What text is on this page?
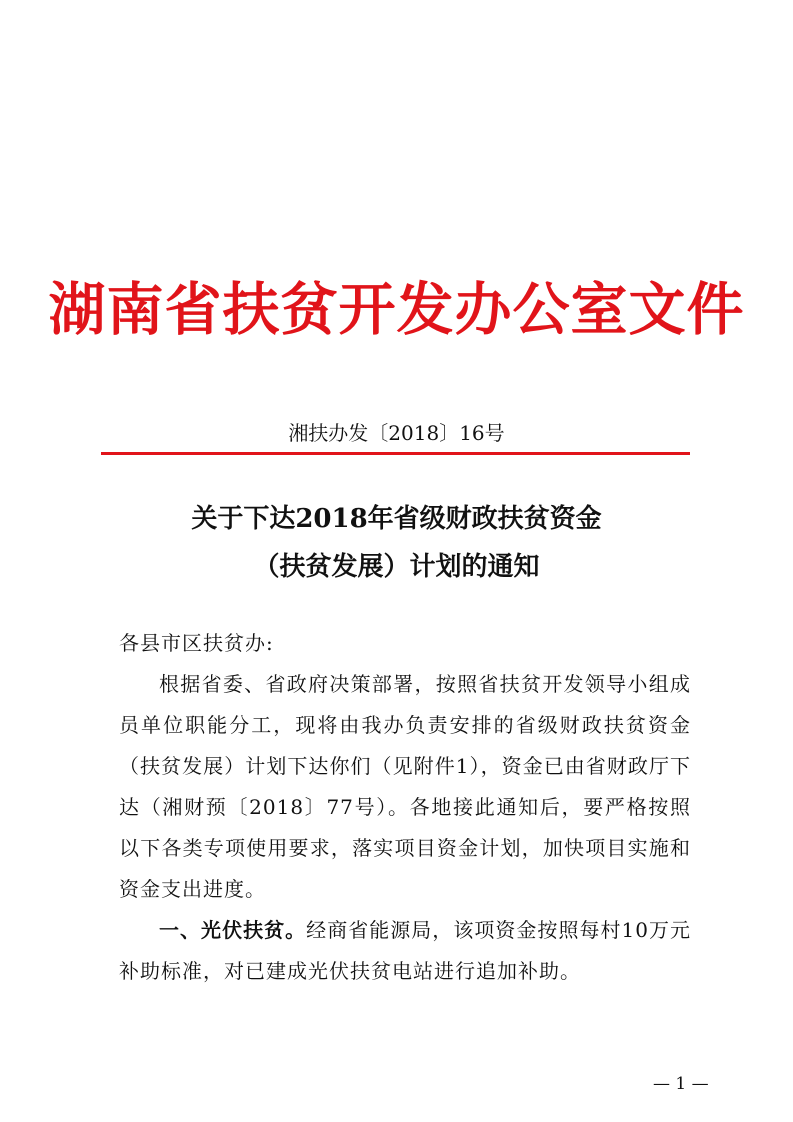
湖南省扶贫开发办公室文件
湘扶办发〔2018〕16号
关于下达2018年省级财政扶贫资金
（扶贫发展）计划的通知
各县市区扶贫办:

根据省委、省政府决策部署，按照省扶贫开发领导小组成员单位职能分工，现将由我办负责安排的省级财政扶贫资金（扶贫发展）计划下达你们（见附件1），资金已由省财政厅下达（湘财预〔2018〕77号）。各地接此通知后，要严格按照以下各类专项使用要求，落实项目资金计划，加快项目实施和资金支出进度。

一、光伏扶贫。经商省能源局，该项资金按照每村10万元补助标准，对已建成光伏扶贫电站进行追加补助。

— 1 —
